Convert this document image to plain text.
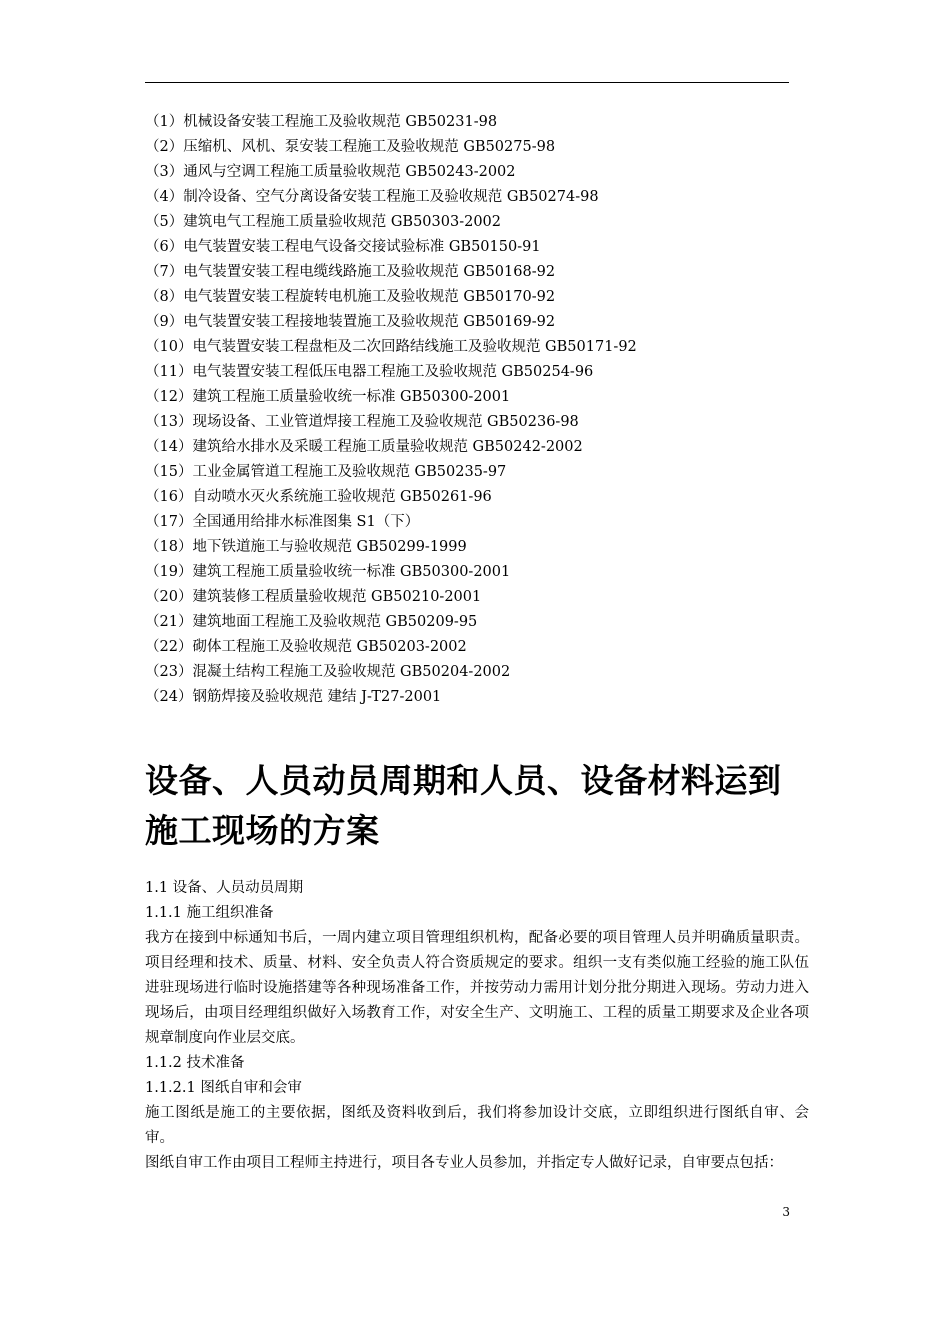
（1）机械设备安装工程施工及验收规范 GB50231-98
（2）压缩机、风机、泵安装工程施工及验收规范 GB50275-98
（3）通风与空调工程施工质量验收规范 GB50243-2002
（4）制冷设备、空气分离设备安装工程施工及验收规范 GB50274-98
（5）建筑电气工程施工质量验收规范 GB50303-2002
（6）电气装置安装工程电气设备交接试验标准 GB50150-91
（7）电气装置安装工程电缆线路施工及验收规范 GB50168-92
（8）电气装置安装工程旋转电机施工及验收规范 GB50170-92
（9）电气装置安装工程接地装置施工及验收规范 GB50169-92
（10）电气装置安装工程盘柜及二次回路结线施工及验收规范 GB50171-92
（11）电气装置安装工程低压电器工程施工及验收规范 GB50254-96
（12）建筑工程施工质量验收统一标准 GB50300-2001
（13）现场设备、工业管道焊接工程施工及验收规范 GB50236-98
（14）建筑给水排水及采暖工程施工质量验收规范 GB50242-2002
（15）工业金属管道工程施工及验收规范 GB50235-97
（16）自动喷水灭火系统施工验收规范 GB50261-96
（17）全国通用给排水标准图集 S1（下）
（18）地下铁道施工与验收规范 GB50299-1999
（19）建筑工程施工质量验收统一标准 GB50300-2001
（20）建筑装修工程质量验收规范 GB50210-2001
（21）建筑地面工程施工及验收规范 GB50209-95
（22）砌体工程施工及验收规范 GB50203-2002
（23）混凝土结构工程施工及验收规范 GB50204-2002
（24）钢筋焊接及验收规范 建结 J-T27-2001
设备、人员动员周期和人员、设备材料运到施工现场的方案

1.1 设备、人员动员周期

1.1.1 施工组织准备

我方在接到中标通知书后，一周内建立项目管理组织机构，配备必要的项目管理人员并明确质量职责。项目经理和技术、质量、材料、安全负责人符合资质规定的要求。组织一支有类似施工经验的施工队伍进驻现场进行临时设施搭建等各种现场准备工作，并按劳动力需用计划分批分期进入现场。劳动力进入现场后，由项目经理组织做好入场教育工作，对安全生产、文明施工、工程的质量工期要求及企业各项规章制度向作业层交底。

1.1.2 技术准备

1.1.2.1 图纸自审和会审

施工图纸是施工的主要依据，图纸及资料收到后，我们将参加设计交底，立即组织进行图纸自审、会审。

图纸自审工作由项目工程师主持进行，项目各专业人员参加，并指定专人做好记录，自审要点包括：

3
